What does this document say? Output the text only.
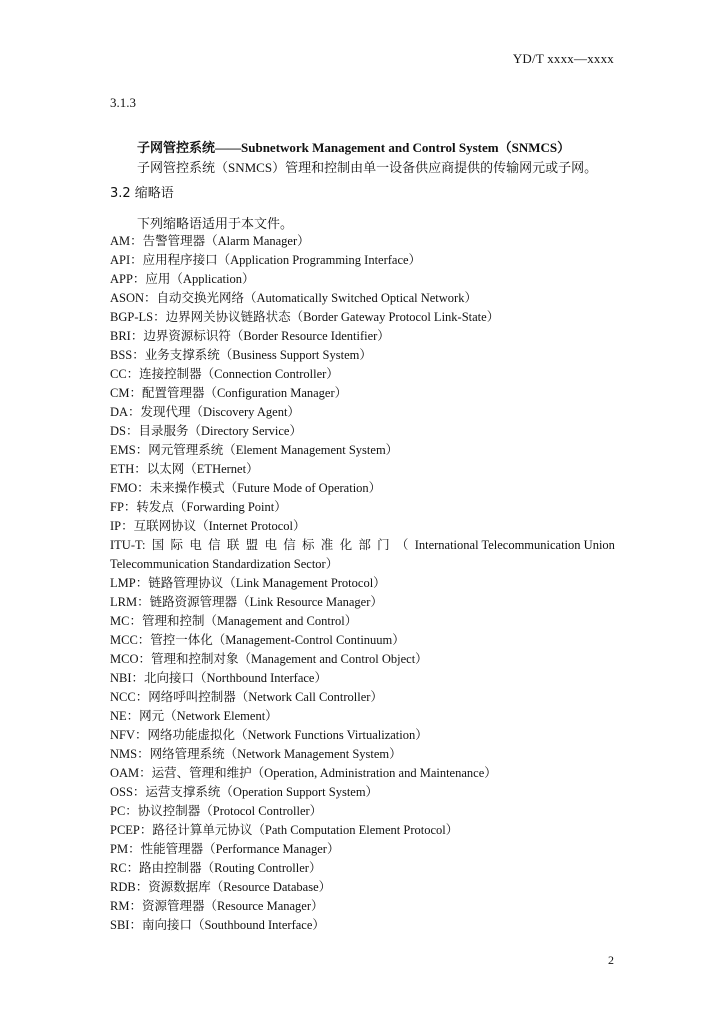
YD/T xxxx—xxxx
3.1.3
子网管控系统——Subnetwork Management and Control System（SNMCS）
子网管控系统（SNMCS）管理和控制由单一设备供应商提供的传输网元或子网。
3.2 缩略语
下列缩略语适用于本文件。
AM：告警管理器（Alarm Manager）
API：应用程序接口（Application Programming Interface）
APP：应用（Application）
ASON：自动交换光网络（Automatically Switched Optical Network）
BGP-LS：边界网关协议链路状态（Border Gateway Protocol Link-State）
BRI：边界资源标识符（Border Resource Identifier）
BSS：业务支撑系统（Business Support System）
CC：连接控制器（Connection Controller）
CM：配置管理器（Configuration Manager）
DA：发现代理（Discovery Agent）
DS：目录服务（Directory Service）
EMS：网元管理系统（Element Management System）
ETH：以太网（ETHernet）
FMO：未来操作模式（Future Mode of Operation）
FP：转发点（Forwarding Point）
IP：互联网协议（Internet Protocol）
ITU-T: 国 际 电 信 联 盟 电 信 标 准 化 部 门 （ International Telecommunication Union
Telecommunication Standardization Sector）
LMP：链路管理协议（Link Management Protocol）
LRM：链路资源管理器（Link Resource Manager）
MC：管理和控制（Management and Control）
MCC：管控一体化（Management-Control Continuum）
MCO：管理和控制对象（Management and Control Object）
NBI：北向接口（Northbound Interface）
NCC：网络呼叫控制器（Network Call Controller）
NE：网元（Network Element）
NFV：网络功能虚拟化（Network Functions Virtualization）
NMS：网络管理系统（Network Management System）
OAM：运营、管理和维护（Operation, Administration and Maintenance）
OSS：运营支撑系统（Operation Support System）
PC：协议控制器（Protocol Controller）
PCEP：路径计算单元协议（Path Computation Element Protocol）
PM：性能管理器（Performance Manager）
RC：路由控制器（Routing Controller）
RDB：资源数据库（Resource Database）
RM：资源管理器（Resource Manager）
SBI：南向接口（Southbound Interface）
2
